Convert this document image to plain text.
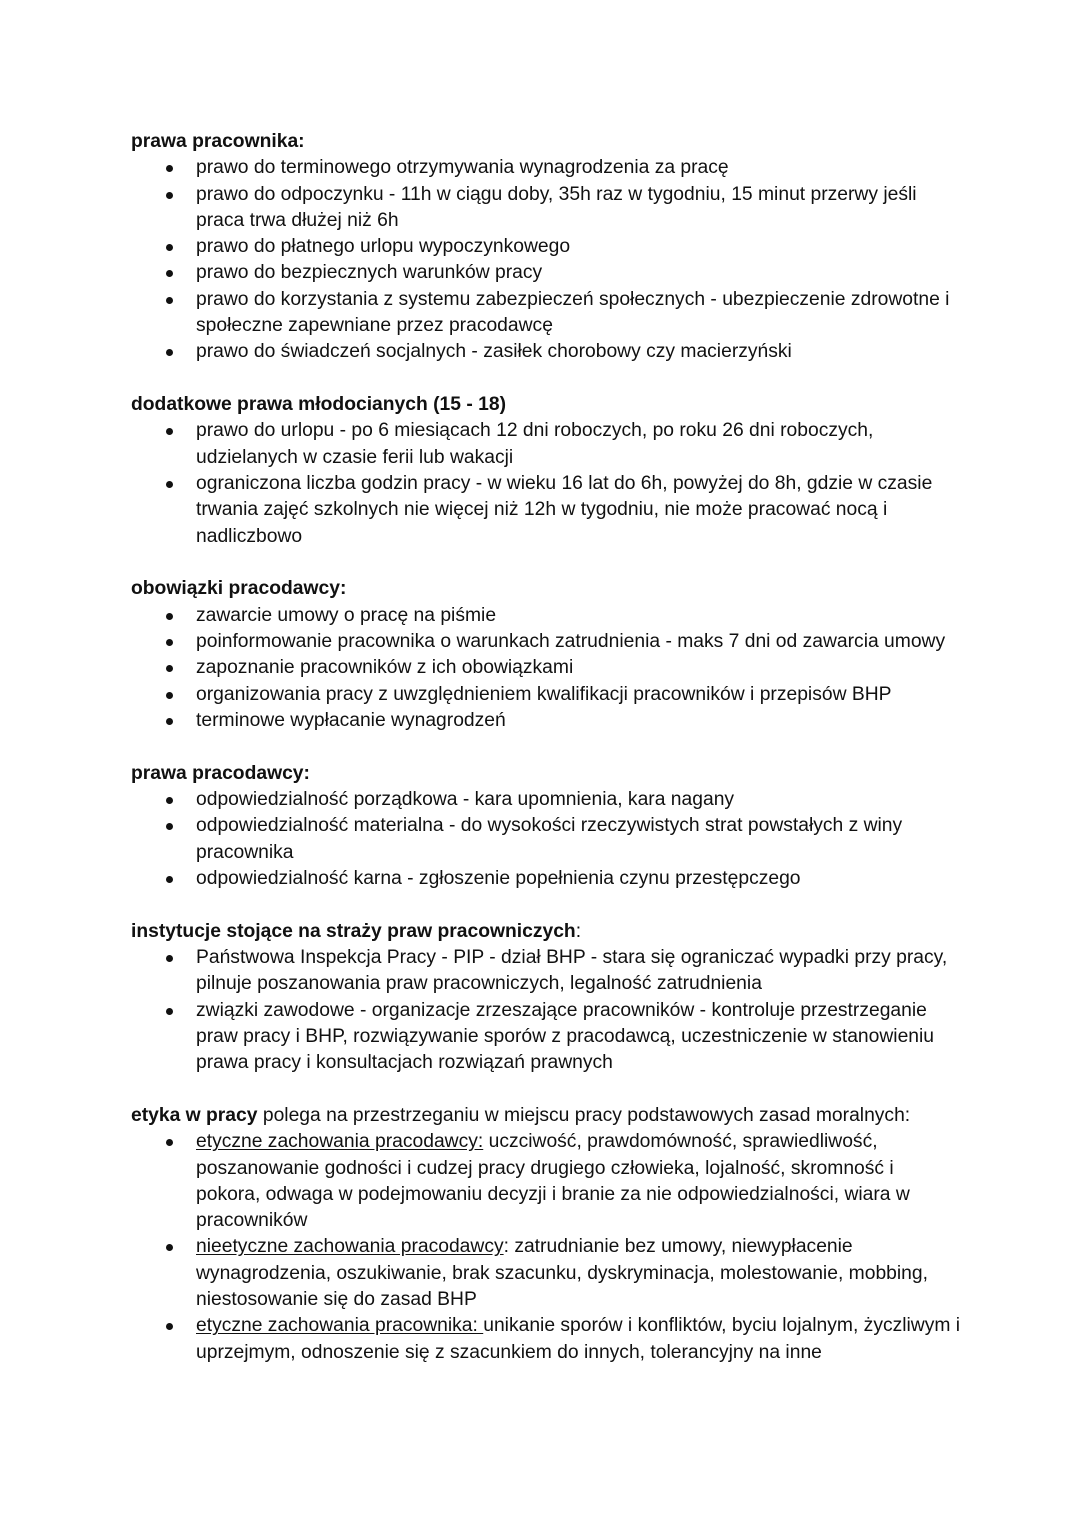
prawa pracownika:

prawo do terminowego otrzymywania wynagrodzenia za pracę
prawo do odpoczynku - 11h w ciągu doby, 35h raz w tygodniu, 15 minut przerwy jeśli praca trwa dłużej niż 6h
prawo do płatnego urlopu wypoczynkowego
prawo do bezpiecznych warunków pracy
prawo do korzystania z systemu zabezpieczeń społecznych - ubezpieczenie zdrowotne i społeczne zapewniane przez pracodawcę
prawo do świadczeń socjalnych - zasiłek chorobowy czy macierzyński

dodatkowe prawa młodocianych (15 - 18)

prawo do urlopu - po 6 miesiącach 12 dni roboczych, po roku 26 dni roboczych, udzielanych w czasie ferii lub wakacji
ograniczona liczba godzin pracy - w wieku 16 lat do 6h, powyżej do 8h, gdzie w czasie trwania zajęć szkolnych nie więcej niż 12h w tygodniu, nie może pracować nocą i nadliczbowo

obowiązki pracodawcy:

zawarcie umowy o pracę na piśmie
poinformowanie pracownika o warunkach zatrudnienia - maks 7 dni od zawarcia umowy
zapoznanie pracowników z ich obowiązkami
organizowania pracy z uwzględnieniem kwalifikacji pracowników i przepisów BHP
terminowe wypłacanie wynagrodzeń

prawa pracodawcy:

odpowiedzialność porządkowa - kara upomnienia, kara nagany
odpowiedzialność materialna - do wysokości rzeczywistych strat powstałych z winy pracownika
odpowiedzialność karna - zgłoszenie popełnienia czynu przestępczego

instytucje stojące na straży praw pracowniczych:

Państwowa Inspekcja Pracy - PIP - dział BHP - stara się ograniczać wypadki przy pracy, pilnuje poszanowania praw pracowniczych, legalność zatrudnienia
związki zawodowe - organizacje zrzeszające pracowników - kontroluje przestrzeganie praw pracy i BHP, rozwiązywanie sporów z pracodawcą, uczestniczenie w stanowieniu prawa pracy i konsultacjach rozwiązań prawnych

etyka w pracy polega na przestrzeganiu w miejscu pracy podstawowych zasad moralnych:

etyczne zachowania pracodawcy: uczciwość, prawdomówność, sprawiedliwość, poszanowanie godności i cudzej pracy drugiego człowieka, lojalność, skromność i pokora, odwaga w podejmowaniu decyzji i branie za nie odpowiedzialności, wiara w pracowników
nieetyczne zachowania pracodawcy: zatrudnianie bez umowy, niewypłacenie wynagrodzenia, oszukiwanie, brak szacunku, dyskryminacja, molestowanie, mobbing, niestosowanie się do zasad BHP
etyczne zachowania pracownika: unikanie sporów i konfliktów, byciu lojalnym, życzliwym i uprzejmym, odnoszenie się z szacunkiem do innych, tolerancyjny na inne
